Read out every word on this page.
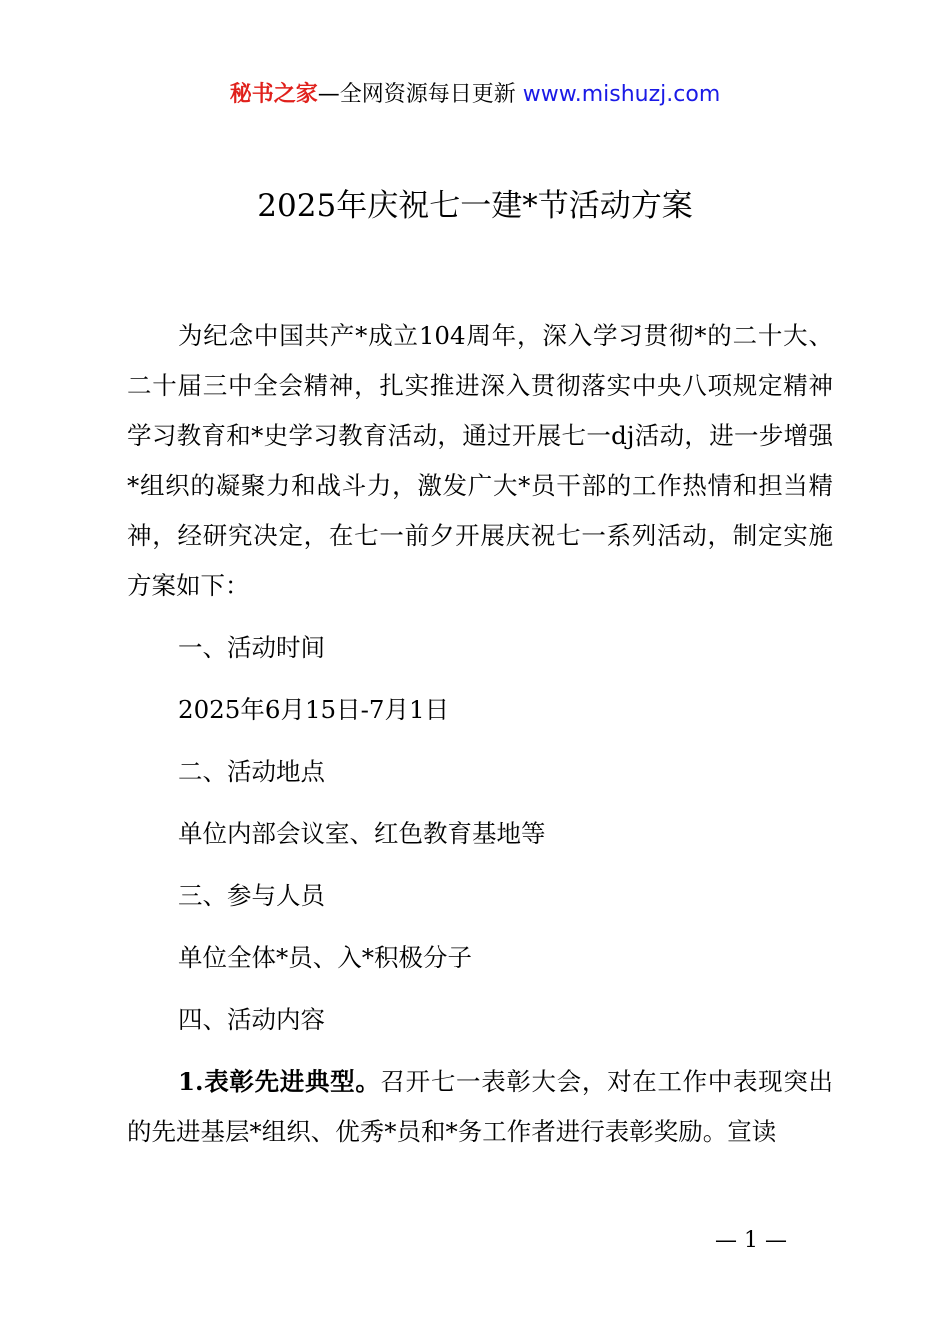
秘书之家—全网资源每日更新 www.mishuzj.com
2025年庆祝七一建*节活动方案

为纪念中国共产*成立104周年，深入学习贯彻*的二十大、二十届三中全会精神，扎实推进深入贯彻落实中央八项规定精神学习教育和*史学习教育活动，通过开展七一dj活动，进一步增强*组织的凝聚力和战斗力，激发广大*员干部的工作热情和担当精神，经研究决定，在七一前夕开展庆祝七一系列活动，制定实施方案如下：

一、活动时间

2025年6月15日-7月1日

二、活动地点

单位内部会议室、红色教育基地等

三、参与人员

单位全体*员、入*积极分子

四、活动内容

1.表彰先进典型。召开七一表彰大会，对在工作中表现突出的先进基层*组织、优秀*员和*务工作者进行表彰奖励。宣读

— 1 —
